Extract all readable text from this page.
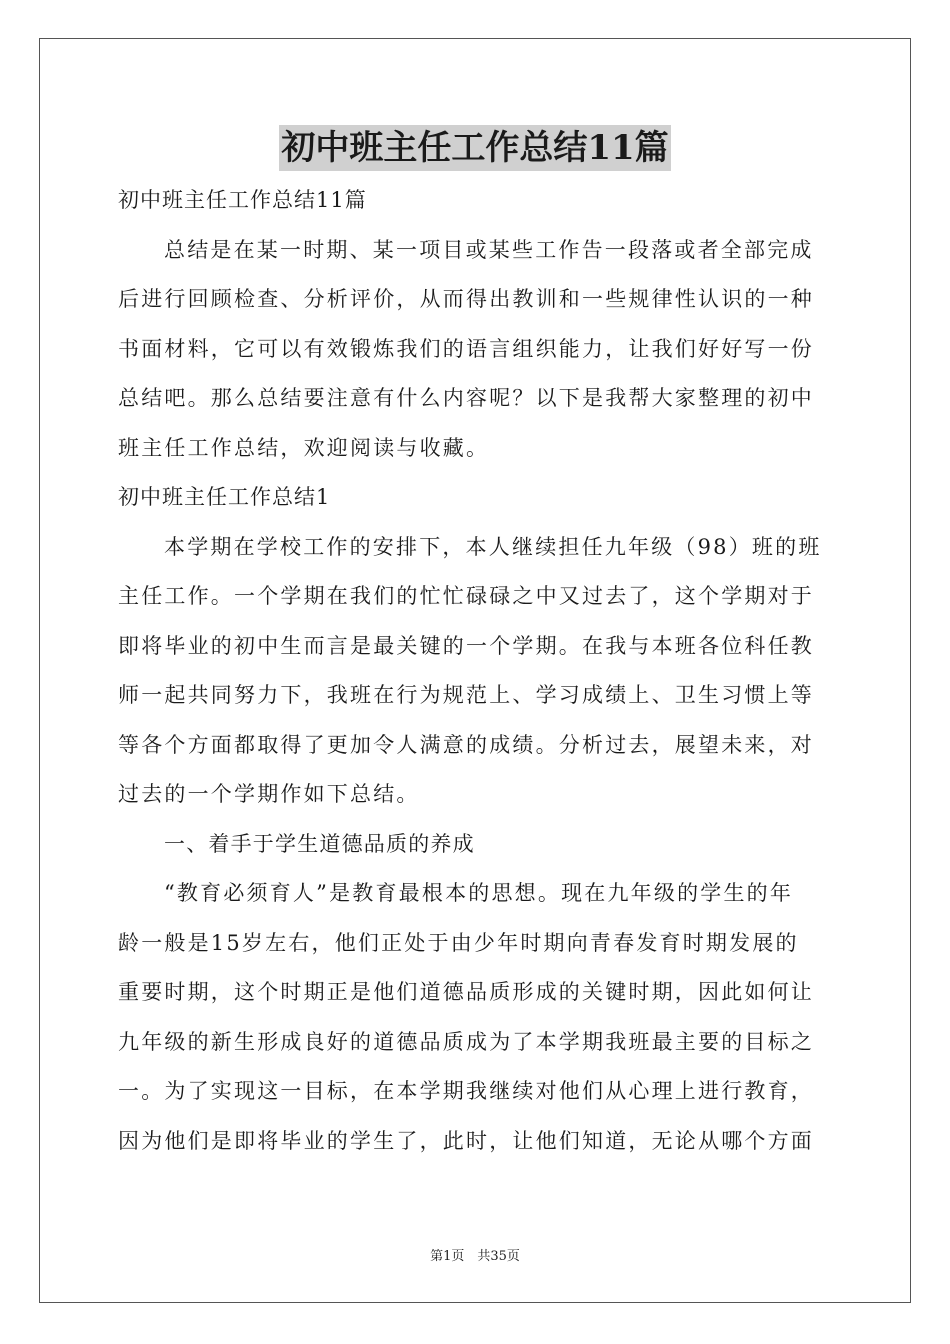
初中班主任工作总结11篇
初中班主任工作总结11篇
总结是在某一时期、某一项目或某些工作告一段落或者全部完成
后进行回顾检查、分析评价，从而得出教训和一些规律性认识的一种
书面材料，它可以有效锻炼我们的语言组织能力，让我们好好写一份
总结吧。那么总结要注意有什么内容呢？以下是我帮大家整理的初中
班主任工作总结，欢迎阅读与收藏。
初中班主任工作总结1
本学期在学校工作的安排下，本人继续担任九年级（98）班的班
主任工作。一个学期在我们的忙忙碌碌之中又过去了，这个学期对于
即将毕业的初中生而言是最关键的一个学期。在我与本班各位科任教
师一起共同努力下，我班在行为规范上、学习成绩上、卫生习惯上等
等各个方面都取得了更加令人满意的成绩。分析过去，展望未来，对
过去的一个学期作如下总结。
一、着手于学生道德品质的养成
“教育必须育人”是教育最根本的思想。现在九年级的学生的年
龄一般是15岁左右，他们正处于由少年时期向青春发育时期发展的
重要时期，这个时期正是他们道德品质形成的关键时期，因此如何让
九年级的新生形成良好的道德品质成为了本学期我班最主要的目标之
一。为了实现这一目标，在本学期我继续对他们从心理上进行教育，
因为他们是即将毕业的学生了，此时，让他们知道，无论从哪个方面
第1页　共35页
